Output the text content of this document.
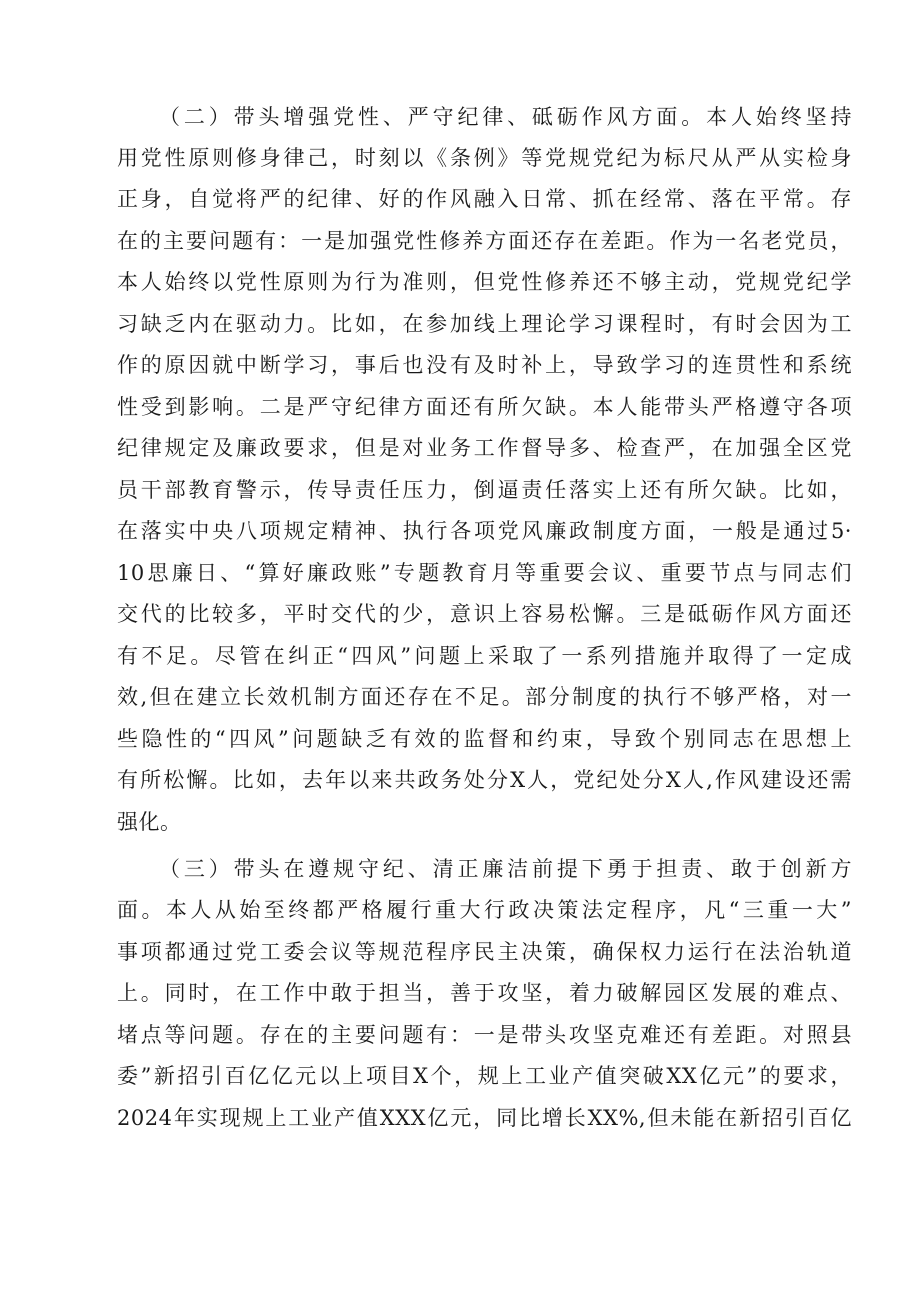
（二）带头增强党性、严守纪律、砥砺作风方面。本人始终坚持
用党性原则修身律己，时刻以《条例》等党规党纪为标尺从严从实检身
正身，自觉将严的纪律、好的作风融入日常、抓在经常、落在平常。存
在的主要问题有：一是加强党性修养方面还存在差距。作为一名老党员，
本人始终以党性原则为行为准则，但党性修养还不够主动，党规党纪学
习缺乏内在驱动力。比如，在参加线上理论学习课程时，有时会因为工
作的原因就中断学习，事后也没有及时补上，导致学习的连贯性和系统
性受到影响。二是严守纪律方面还有所欠缺。本人能带头严格遵守各项
纪律规定及廉政要求，但是对业务工作督导多、检查严，在加强全区党
员干部教育警示，传导责任压力，倒逼责任落实上还有所欠缺。比如，
在落实中央八项规定精神、执行各项党风廉政制度方面，一般是通过5·
10思廉日、“算好廉政账”专题教育月等重要会议、重要节点与同志们
交代的比较多，平时交代的少，意识上容易松懈。三是砥砺作风方面还
有不足。尽管在纠正“四风”问题上采取了一系列措施并取得了一定成
效,但在建立长效机制方面还存在不足。部分制度的执行不够严格，对一
些隐性的“四风”问题缺乏有效的监督和约束，导致个别同志在思想上
有所松懈。比如，去年以来共政务处分X人，党纪处分X人,作风建设还需
强化。
（三）带头在遵规守纪、清正廉洁前提下勇于担责、敢于创新方
面。本人从始至终都严格履行重大行政决策法定程序，凡“三重一大”
事项都通过党工委会议等规范程序民主决策，确保权力运行在法治轨道
上。同时，在工作中敢于担当，善于攻坚，着力破解园区发展的难点、
堵点等问题。存在的主要问题有：一是带头攻坚克难还有差距。对照县
委”新招引百亿亿元以上项目X个，规上工业产值突破XX亿元”的要求，
2024年实现规上工业产值XXX亿元，同比增长XX%,但未能在新招引百亿
